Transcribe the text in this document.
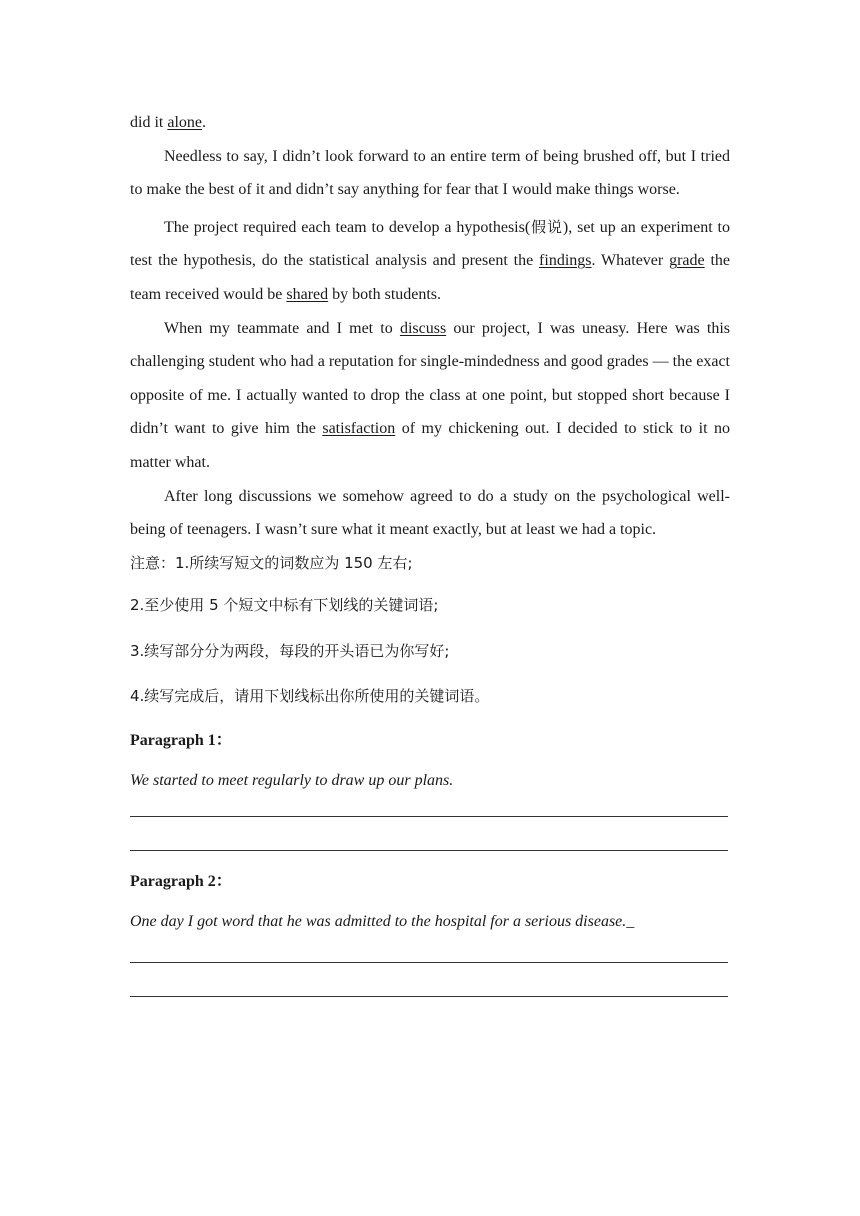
did it alone.

Needless to say, I didn’t look forward to an entire term of being brushed off, but I tried to make the best of it and didn’t say anything for fear that I would make things worse.

The project required each team to develop a hypothesis(假说), set up an experiment to test the hypothesis, do the statistical analysis and present the findings. Whatever grade the team received would be shared by both students.

When my teammate and I met to discuss our project, I was uneasy. Here was this challenging student who had a reputation for single-mindedness and good grades — the exact opposite of me. I actually wanted to drop the class at one point, but stopped short because I didn’t want to give him the satisfaction of my chickening out. I decided to stick to it no matter what.

After long discussions we somehow agreed to do a study on the psychological well-being of teenagers. I wasn’t sure what it meant exactly, but at least we had a topic.

注意：1.所续写短文的词数应为 150 左右;

2.至少使用 5 个短文中标有下划线的关键词语;

3.续写部分分为两段，每段的开头语已为你写好;

4.续写完成后，请用下划线标出你所使用的关键词语。

Paragraph 1：

We started to meet regularly to draw up our plans.

Paragraph 2：

One day I got word that he was admitted to the hospital for a serious disease._
